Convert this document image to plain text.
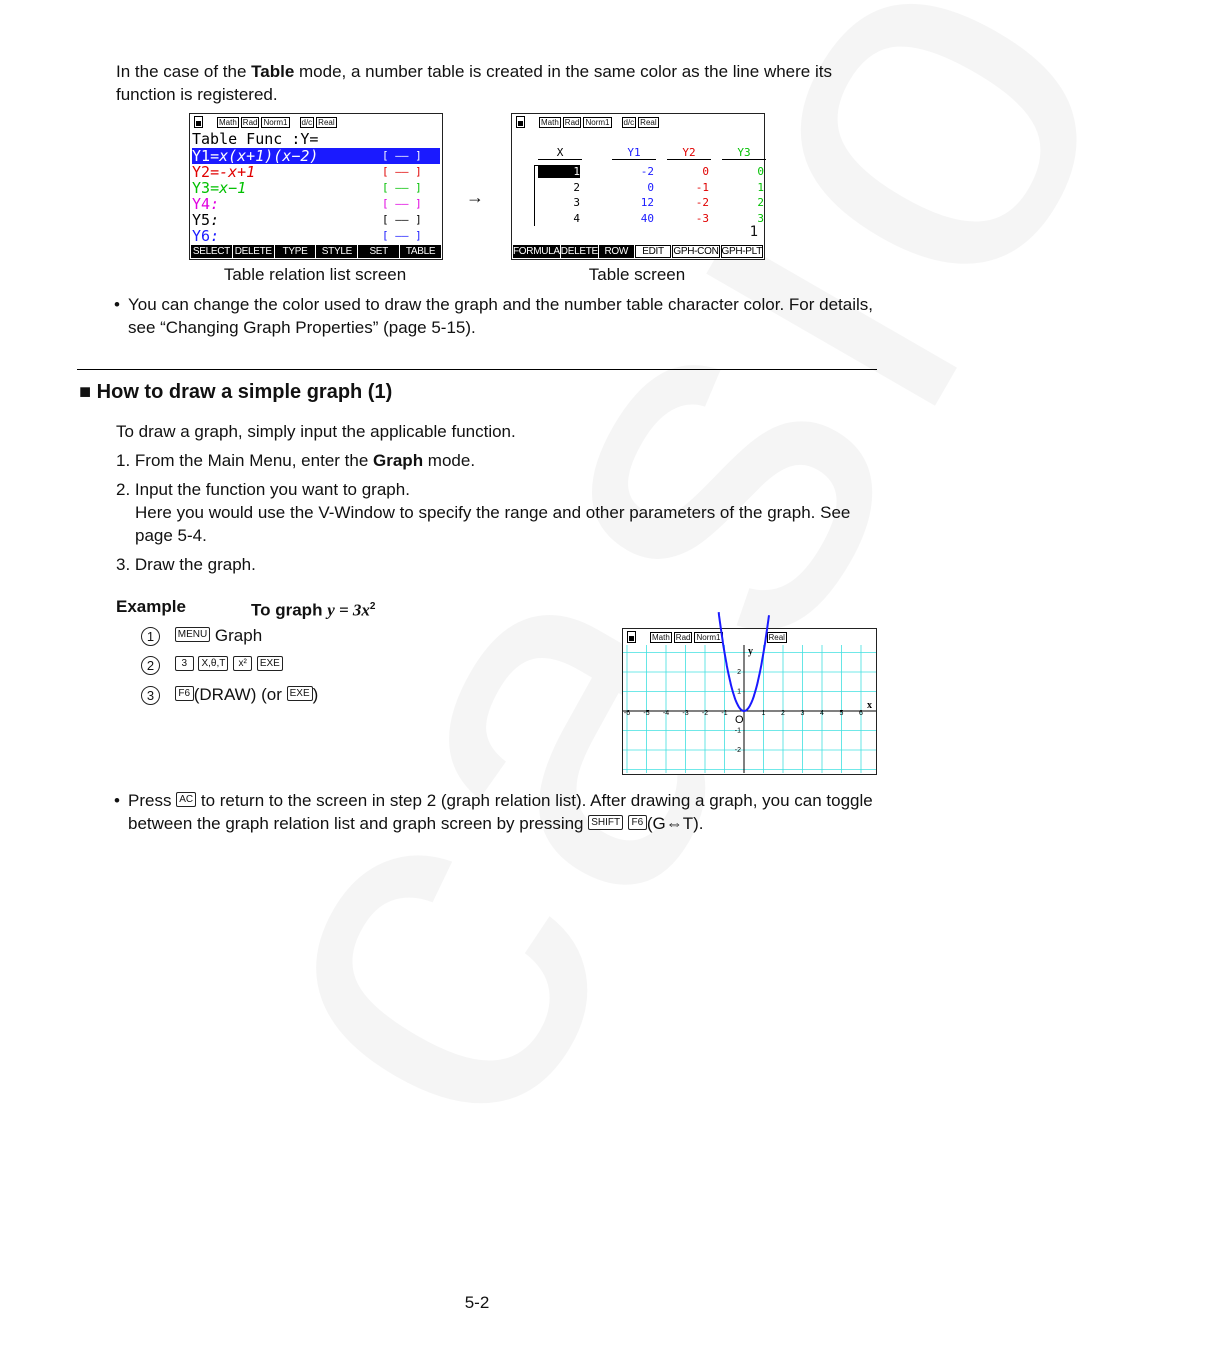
In the case of the Table mode, a number table is created in the same color as the line where its function is registered.
Math Rad Norm1 d/c Real
Table Func :Y=
Y1=x(x+1)(x−2)	[ —— ]
Y2=-x+1	[ —— ]
Y3=x−1	[ —— ]
Y4:	[ —— ]
Y5:	[ —— ]
Y6:	[ —— ]
SELECT DELETE	TYPE	STYLE	SET	TABLE
Table relation list screen
→
Math Rad Norm1 d/c Real
X	Y1	Y2	Y3
1	-2	0	0
2	0	-1	1
3	12	-2	2
4	40	-3	3
1
FORMULA DELETE ROW	EDIT GPH-CON GPH-PLT
Table screen
• You can change the color used to draw the graph and the number table character color. For details, see “Changing Graph Properties” (page 5-15).
■ How to draw a simple graph (1)
To draw a graph, simply input the applicable function.
1. From the Main Menu, enter the Graph mode.
2. Input the function you want to graph.
Here you would use the V-Window to specify the range and other parameters of the graph. See page 5-4.
3. Draw the graph.
Example	To graph $y = 3x^2$
1 MENU Graph
2	3 X,θ,T x² EXE
3 F6 (DRAW) (or EXE )
Math Rad Norm1	Real
-6 -5 -4 -3 -2 -1	1 2 3 4 5 6
2
1
-1
-2
y
x
O
• Press AC to return to the screen in step 2 (graph relation list). After drawing a graph, you can toggle between the graph relation list and graph screen by pressing SHIFT F6 (G⇔T).
5-2
